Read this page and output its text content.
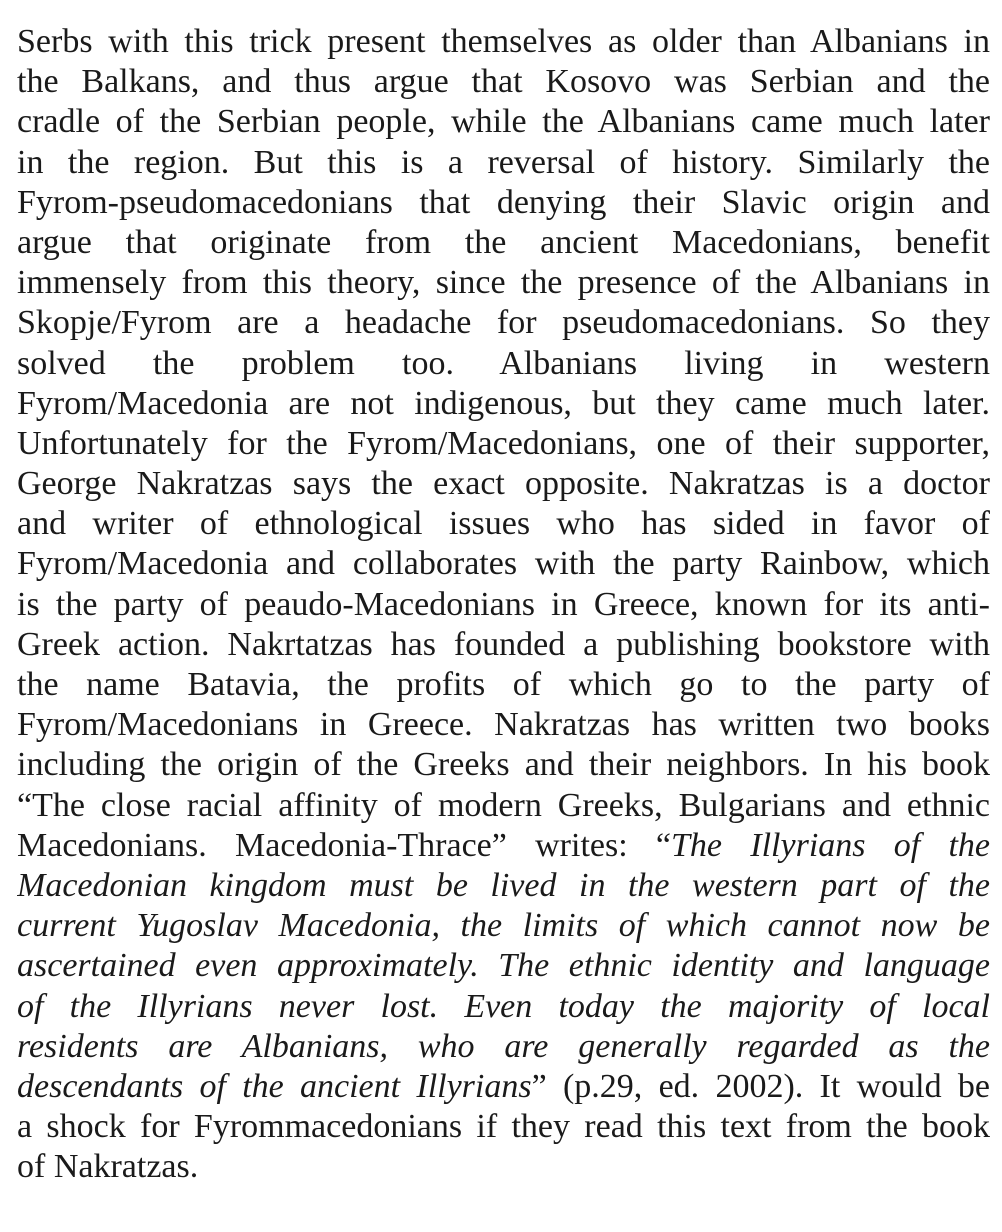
Serbs with this trick present themselves as older than Albanians in
the Balkans, and thus argue that Kosovo was Serbian and the
cradle of the Serbian people, while the Albanians came much later
in the region. But this is a reversal of history. Similarly the
Fyrom-pseudomacedonians that denying their Slavic origin and
argue that originate from the ancient Macedonians, benefit
immensely from this theory, since the presence of the Albanians in
Skopje/Fyrom are a headache for pseudomacedonians. So they
solved the problem too. Albanians living in western
Fyrom/Macedonia are not indigenous, but they came much later.
Unfortunately for the Fyrom/Macedonians, one of their supporter,
George Nakratzas says the exact opposite. Nakratzas is a doctor
and writer of ethnological issues who has sided in favor of
Fyrom/Macedonia and collaborates with the party Rainbow, which
is the party of peaudo-Macedonians in Greece, known for its anti-
Greek action. Nakrtatzas has founded a publishing bookstore with
the name Batavia, the profits of which go to the party of
Fyrom/Macedonians in Greece. Nakratzas has written two books
including the origin of the Greeks and their neighbors. In his book
“The close racial affinity of modern Greeks, Bulgarians and ethnic
Macedonians. Macedonia-Thrace” writes: “The Illyrians of the
Macedonian kingdom must be lived in the western part of the
current Yugoslav Macedonia, the limits of which cannot now be
ascertained even approximately. The ethnic identity and language
of the Illyrians never lost. Even today the majority of local
residents are Albanians, who are generally regarded as the
descendants of the ancient Illyrians” (p.29, ed. 2002). It would be
a shock for Fyrommacedonians if they read this text from the book
of Nakratzas.
